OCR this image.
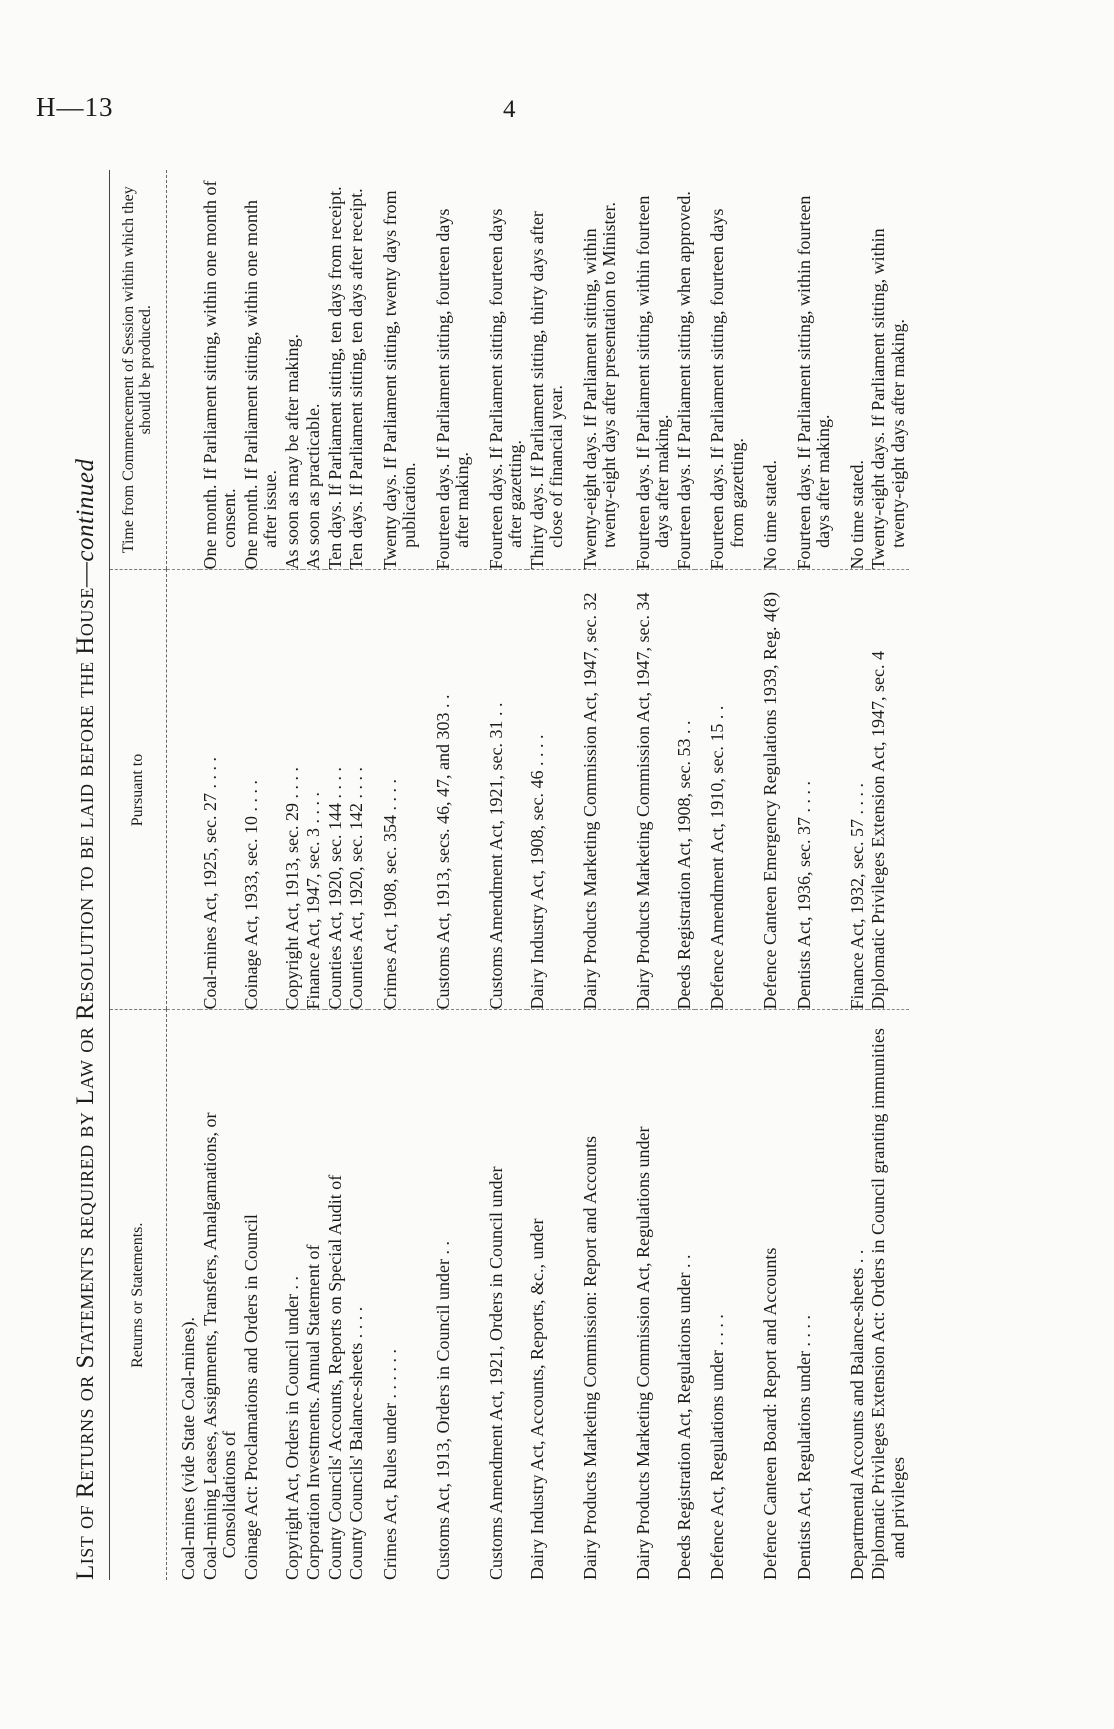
H—13	4
List of Returns or Statements required by Law or Resolution to be laid before the House—continued
Returns or Statements.	Pursuant to	Time from Commencement of Session within which they should be produced.
Coal-mines (vide State Coal-mines).		
Coal-mining Leases, Assignments, Transfers, Amalgamations, or Consolidations of	Coal-mines Act, 1925, sec. 27 . . . .	One month. If Parliament sitting, within one month of consent.
Coinage Act: Proclamations and Orders in Council	Coinage Act, 1933, sec. 10 . . . .	One month. If Parliament sitting, within one month after issue.
Copyright Act, Orders in Council under . .	Copyright Act, 1913, sec. 29 . . . .	As soon as may be after making.
Corporation Investments. Annual Statement of	Finance Act, 1947, sec. 3 . . . .	As soon as practicable.
County Councils' Accounts, Reports on Special Audit of	Counties Act, 1920, sec. 144 . . . .	Ten days. If Parliament sitting, ten days from receipt.
County Councils' Balance-sheets . . . .	Counties Act, 1920, sec. 142 . . . .	Ten days. If Parliament sitting, ten days after receipt.
Crimes Act, Rules under . . . . . .	Crimes Act, 1908, sec. 354 . . . .	Twenty days. If Parliament sitting, twenty days from publication.
Customs Act, 1913, Orders in Council under . .	Customs Act, 1913, secs. 46, 47, and 303 . .	Fourteen days. If Parliament sitting, fourteen days after making.
Customs Amendment Act, 1921, Orders in Council under	Customs Amendment Act, 1921, sec. 31 . .	Fourteen days. If Parliament sitting, fourteen days after gazetting.
Dairy Industry Act, Accounts, Reports, &c., under	Dairy Industry Act, 1908, sec. 46 . . . .	Thirty days. If Parliament sitting, thirty days after close of financial year.
Dairy Products Marketing Commission: Report and Accounts	Dairy Products Marketing Commission Act, 1947, sec. 32	Twenty-eight days. If Parliament sitting, within twenty-eight days after presentation to Minister.
Dairy Products Marketing Commission Act, Regulations under	Dairy Products Marketing Commission Act, 1947, sec. 34	Fourteen days. If Parliament sitting, within fourteen days after making.
Deeds Registration Act, Regulations under . .	Deeds Registration Act, 1908, sec. 53 . .	Fourteen days. If Parliament sitting, when approved.
Defence Act, Regulations under . . . .	Defence Amendment Act, 1910, sec. 15 . .	Fourteen days. If Parliament sitting, fourteen days from gazetting.
Defence Canteen Board: Report and Accounts	Defence Canteen Emergency Regulations 1939, Reg. 4(8)	No time stated.
Dentists Act, Regulations under . . . .	Dentists Act, 1936, sec. 37 . . . .	Fourteen days. If Parliament sitting, within fourteen days after making.
Departmental Accounts and Balance-sheets . .	Finance Act, 1932, sec. 57 . . . .	No time stated.
Diplomatic Privileges Extension Act: Orders in Council granting immunities and privileges	Diplomatic Privileges Extension Act, 1947, sec. 4	Twenty-eight days. If Parliament sitting, within twenty-eight days after making.
